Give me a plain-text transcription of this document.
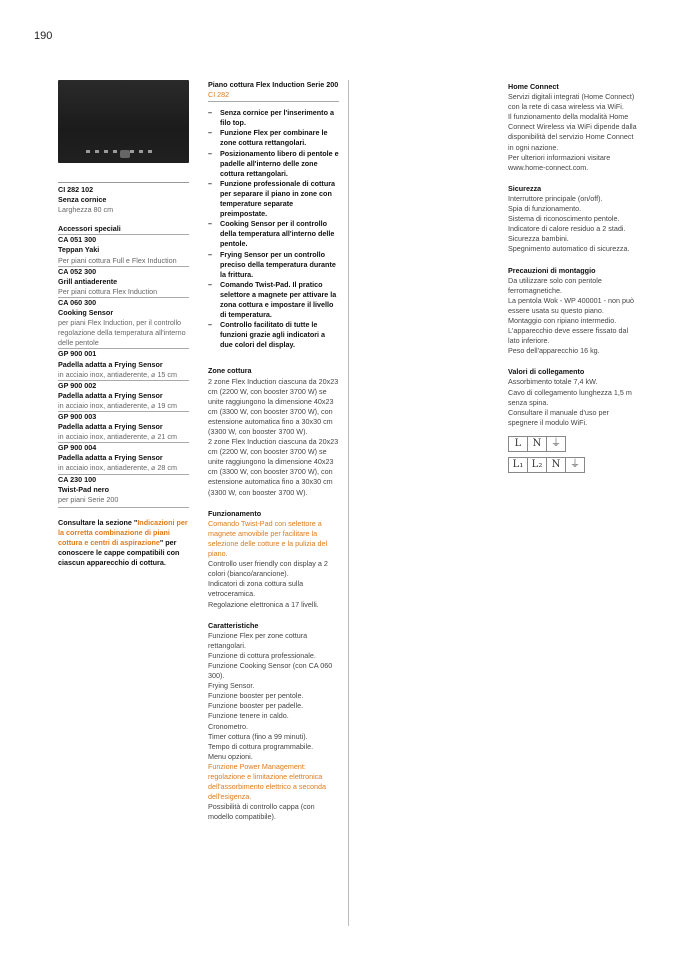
190
CI 282 102
Senza cornice
Larghezza 80 cm
Accessori speciali
CA 051 300
Teppan Yaki
Per piani cottura Full e Flex Induction
CA 052 300
Grill antiaderente
Per piani cottura Flex Induction
CA 060 300
Cooking Sensor
per piani Flex Induction, per il controllo regolazione della temperatura all'interno delle pentole
GP 900 001
Padella adatta a Frying Sensor
in acciaio inox, antiaderente, ⌀ 15 cm
GP 900 002
Padella adatta a Frying Sensor
in acciaio inox, antiaderente, ⌀ 19 cm
GP 900 003
Padella adatta a Frying Sensor
in acciaio inox, antiaderente, ⌀ 21 cm
GP 900 004
Padella adatta a Frying Sensor
in acciaio inox, antiaderente, ⌀ 28 cm
CA 230 100
Twist-Pad nero
per piani Serie 200
Consultare la sezione "Indicazioni per la corretta combinazione di piani cottura e centri di aspirazione" per conoscere le cappe compatibili con ciascun apparecchio di cottura.
Piano cottura Flex Induction Serie 200
CI 282
– Senza cornice per l'inserimento a filo top.
– Funzione Flex per combinare le zone cottura rettangolari.
– Posizionamento libero di pentole e padelle all'interno delle zone cottura rettangolari.
– Funzione professionale di cottura per separare il piano in zone con temperature separate preimpostate.
– Cooking Sensor per il controllo della temperatura all'interno delle pentole.
– Frying Sensor per un controllo preciso della temperatura durante la frittura.
– Comando Twist-Pad. Il pratico selettore a magnete per attivare la zona cottura e impostare il livello di temperatura.
– Controllo facilitato di tutte le funzioni grazie agli indicatori a due colori del display.
Zone cottura
2 zone Flex Induction ciascuna da 20x23 cm (2200 W, con booster 3700 W) se unite raggiungono la dimensione 40x23 cm (3300 W, con booster 3700 W), con estensione automatica fino a 30x30 cm (3300 W, con booster 3700 W).
2 zone Flex Induction ciascuna da 20x23 cm (2200 W, con booster 3700 W) se unite raggiungono la dimensione 40x23 cm (3300 W, con booster 3700 W), con estensione automatica fino a 30x30 cm (3300 W, con booster 3700 W).
Funzionamento
Comando Twist-Pad con selettore a magnete amovibile per facilitare la selezione delle cotture e la pulizia del piano.
Controllo user friendly con display a 2 colori (bianco/arancione).
Indicatori di zona cottura sulla vetroceramica.
Regolazione elettronica a 17 livelli.
Caratteristiche
Funzione Flex per zone cottura rettangolari.
Funzione di cottura professionale.
Funzione Cooking Sensor (con CA 060 300).
Frying Sensor.
Funzione booster per pentole.
Funzione booster per padelle.
Funzione tenere in caldo.
Cronometro.
Timer cottura (fino a 99 minuti).
Tempo di cottura programmabile.
Menu opzioni.
Funzione Power Management: regolazione e limitazione elettronica dell'assorbimento elettrico a seconda dell'esigenza.
Possibilità di controllo cappa (con modello compatibile).
Home Connect
Servizi digitali integrati (Home Connect) con la rete di casa wireless via WiFi.
Il funzionamento della modalità Home Connect Wireless via WiFi dipende dalla disponibilità del servizio Home Connect in ogni nazione.
Per ulteriori informazioni visitare www.home-connect.com.
Sicurezza
Interruttore principale (on/off).
Spia di funzionamento.
Sistema di riconoscimento pentole.
Indicatore di calore residuo a 2 stadi.
Sicurezza bambini.
Spegnimento automatico di sicurezza.
Precauzioni di montaggio
Da utilizzare solo con pentole ferromagnetiche.
La pentola Wok - WP 400001 - non può essere usata su questo piano.
Montaggio con ripiano intermedio.
L'apparecchio deve essere fissato dal lato inferiore.
Peso dell'apparecchio 16 kg.
Valori di collegamento
Assorbimento totale 7,4 kW.
Cavo di collegamento lunghezza 1,5 m senza spina.
Consultare il manuale d'uso per spegnere il modulo WiFi.
L	N ⏚
L₁ L₂ N ⏚
